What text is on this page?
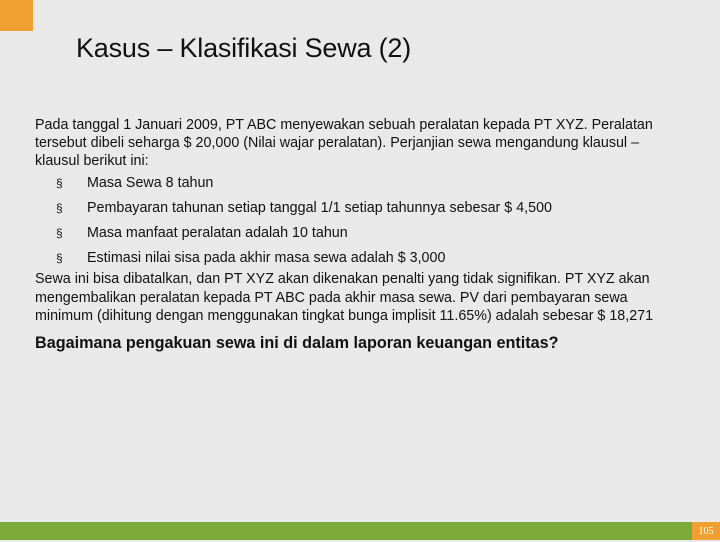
Kasus – Klasifikasi Sewa (2)

Pada tanggal 1 Januari 2009, PT ABC menyewakan sebuah peralatan kepada PT XYZ. Peralatan tersebut dibeli seharga $ 20,000 (Nilai wajar peralatan). Perjanjian sewa mengandung klausul – klausul berikut ini:

§ Masa Sewa 8 tahun
§ Pembayaran tahunan setiap tanggal 1/1 setiap tahunnya sebesar $ 4,500
§ Masa manfaat peralatan adalah 10 tahun
§ Estimasi nilai sisa pada akhir masa sewa adalah $ 3,000

Sewa ini bisa dibatalkan, dan PT XYZ akan dikenakan penalti yang tidak signifikan. PT XYZ akan mengembalikan peralatan kepada PT ABC pada akhir masa sewa. PV dari pembayaran sewa minimum (dihitung dengan menggunakan tingkat bunga implisit 11.65%) adalah sebesar $ 18,271

Bagaimana pengakuan sewa ini di dalam laporan keuangan entitas?

105
